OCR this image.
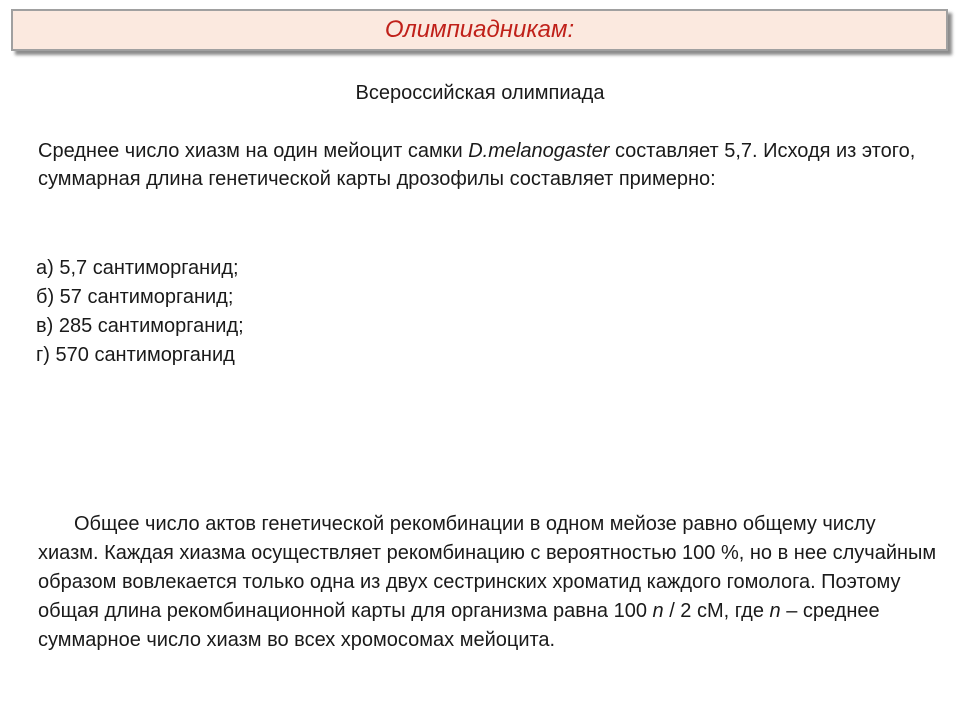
Олимпиадникам:
Всероссийская олимпиада
Среднее число хиазм на один мейоцит самки D.melanogaster составляет 5,7. Исходя из этого, суммарная длина генетической карты дрозофилы составляет примерно:
а) 5,7 сантиморганид;
б) 57 сантиморганид;
в) 285 сантиморганид;
г) 570 сантиморганид
Общее число актов генетической рекомбинации в одном мейозе равно общему числу хиазм. Каждая хиазма осуществляет рекомбинацию с вероятностью 100 %, но в нее случайным образом вовлекается только одна из двух сестринских хроматид каждого гомолога. Поэтому общая длина рекомбинационной карты для организма равна 100 n / 2 сМ, где n – среднее суммарное число хиазм во всех хромосомах мейоцита.
